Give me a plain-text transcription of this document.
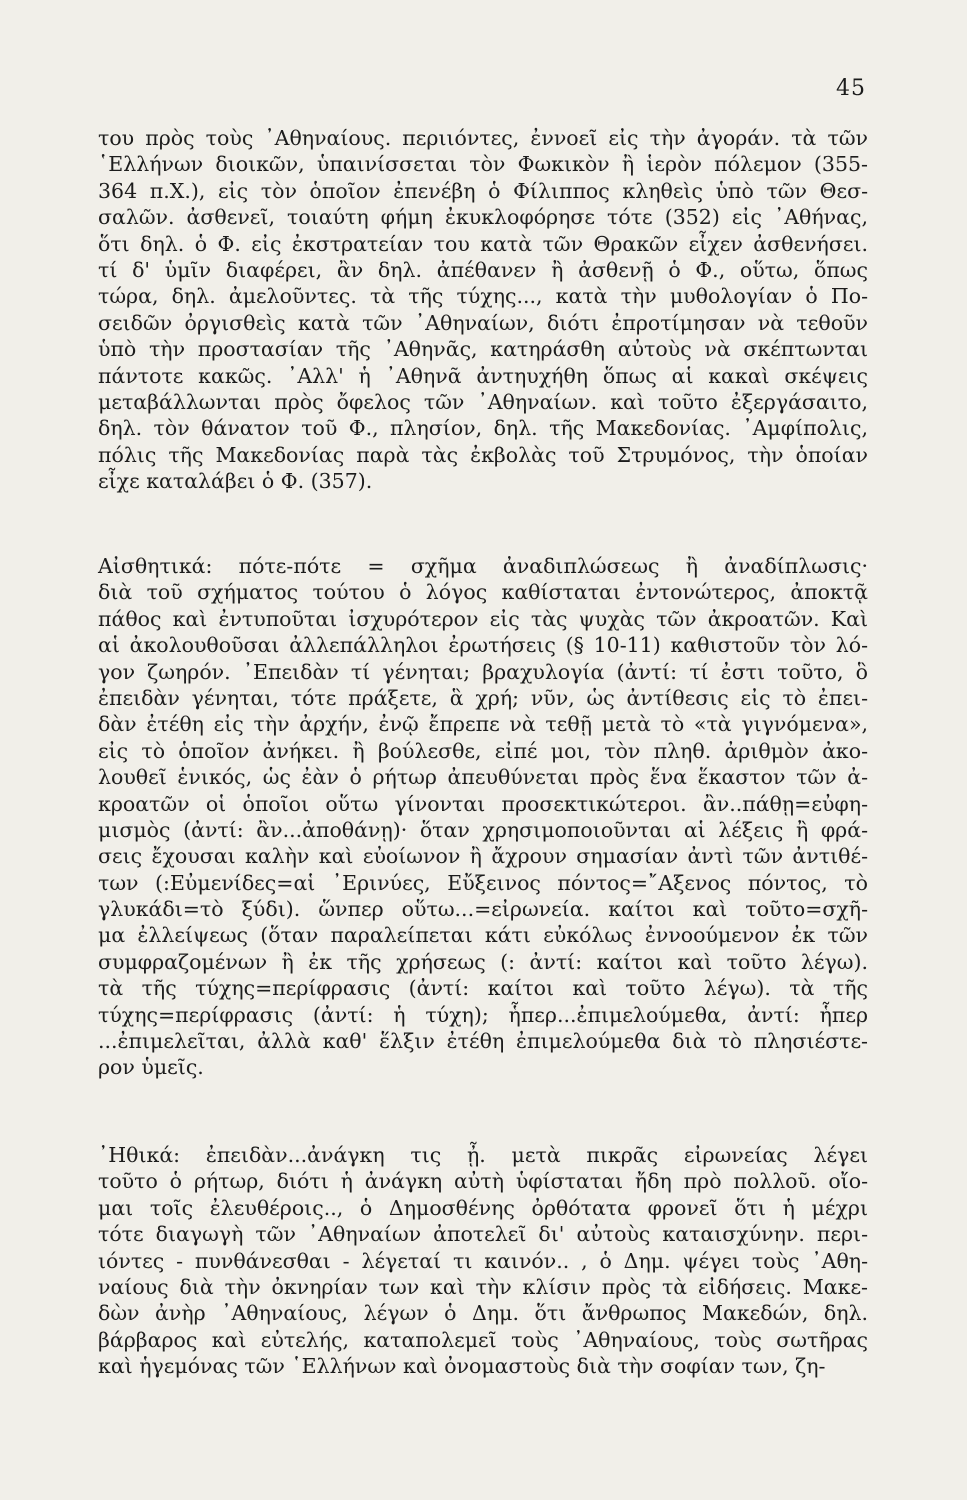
45
του πρὸς τοὺς ᾿Αθηναίους. περιιόντες, ἐννοεῖ εἰς τὴν ἀγοράν. τὰ τῶν
῾Ελλήνων διοικῶν, ὑπαινίσσεται τὸν Φωκικὸν ἢ ἱερὸν πόλεμον (355-
364 π.Χ.), εἰς τὸν ὁποῖον ἐπενέβη ὁ Φίλιππος κληθεὶς ὑπὸ τῶν Θεσ-
σαλῶν. ἀσθενεῖ, τοιαύτη φήμη ἐκυκλοφόρησε τότε (352) εἰς ᾿Αθήνας,
ὅτι δηλ. ὁ Φ. εἰς ἐκστρατείαν του κατὰ τῶν Θρακῶν εἶχεν ἀσθενήσει.
τί δ' ὑμῖν διαφέρει, ἂν δηλ. ἀπέθανεν ἢ ἀσθενῇ ὁ Φ., οὕτω, ὅπως
τώρα, δηλ. ἀμελοῦντες. τὰ τῆς τύχης..., κατὰ τὴν μυθολογίαν ὁ Πο-
σειδῶν ὀργισθεὶς κατὰ τῶν ᾿Αθηναίων, διότι ἐπροτίμησαν νὰ τεθοῦν
ὑπὸ τὴν προστασίαν τῆς ᾿Αθηνᾶς, κατηράσθη αὐτοὺς νὰ σκέπτωνται
πάντοτε κακῶς. ᾿Αλλ' ἡ ᾿Αθηνᾶ ἀντηυχήθη ὅπως αἱ κακαὶ σκέψεις
μεταβάλλωνται πρὸς ὄφελος τῶν ᾿Αθηναίων. καὶ τοῦτο ἐξεργάσαιτο,
δηλ. τὸν θάνατον τοῦ Φ., πλησίον, δηλ. τῆς Μακεδονίας. ᾿Αμφίπολις,
πόλις τῆς Μακεδονίας παρὰ τὰς ἐκβολὰς τοῦ Στρυμόνος, τὴν ὁποίαν
εἶχε καταλάβει ὁ Φ. (357).
Αἰσθητικά: πότε-πότε = σχῆμα ἀναδιπλώσεως ἢ ἀναδίπλωσις·
διὰ τοῦ σχήματος τούτου ὁ λόγος καθίσταται ἐντονώτερος, ἀποκτᾷ
πάθος καὶ ἐντυποῦται ἰσχυρότερον εἰς τὰς ψυχὰς τῶν ἀκροατῶν. Καὶ
αἱ ἀκολουθοῦσαι ἀλλεπάλληλοι ἐρωτήσεις (§ 10-11) καθιστοῦν τὸν λό-
γον ζωηρόν. ᾿Επειδὰν τί γένηται; βραχυλογία (ἀντί: τί ἐστι τοῦτο, ὃ
ἐπειδὰν γένηται, τότε πράξετε, ἃ χρή; νῦν, ὡς ἀντίθεσις εἰς τὸ ἐπει-
δὰν ἐτέθη εἰς τὴν ἀρχήν, ἐνῷ ἔπρεπε νὰ τεθῇ μετὰ τὸ «τὰ γιγνόμενα»,
εἰς τὸ ὁποῖον ἀνήκει. ἢ βούλεσθε, εἰπέ μοι, τὸν πληθ. ἀριθμὸν ἀκο-
λουθεῖ ἑνικός, ὡς ἐὰν ὁ ρήτωρ ἀπευθύνεται πρὸς ἕνα ἕκαστον τῶν ἀ-
κροατῶν οἱ ὁποῖοι οὕτω γίνονται προσεκτικώτεροι. ἂν..πάθῃ=εὐφη-
μισμὸς (ἀντί: ἂν...ἀποθάνῃ)· ὅταν χρησιμοποιοῦνται αἱ λέξεις ἢ φρά-
σεις ἔχουσαι καλὴν καὶ εὐοίωνον ἢ ἄχρουν σημασίαν ἀντὶ τῶν ἀντιθέ-
των (:Εὐμενίδες=αἱ ᾿Ερινύες, Εὔξεινος πόντος=῎Αξενος πόντος, τὸ
γλυκάδι=τὸ ξύδι). ὥνπερ οὕτω...=εἰρωνεία. καίτοι καὶ τοῦτο=σχῆ-
μα ἐλλείψεως (ὅταν παραλείπεται κάτι εὐκόλως ἐννοούμενον ἐκ τῶν
συμφραζομένων ἢ ἐκ τῆς χρήσεως (: ἀντί: καίτοι καὶ τοῦτο λέγω).
τὰ τῆς τύχης=περίφρασις (ἀντί: καίτοι καὶ τοῦτο λέγω). τὰ τῆς
τύχης=περίφρασις (ἀντί: ἡ τύχη); ἧπερ...ἐπιμελούμεθα, ἀντί: ἧπερ
...ἐπιμελεῖται, ἀλλὰ καθ' ἕλξιν ἐτέθη ἐπιμελούμεθα διὰ τὸ πλησιέστε-
ρον ὑμεῖς.
᾿Ηθικά: ἐπειδὰν...ἀνάγκη τις ᾖ. μετὰ πικρᾶς εἰρωνείας λέγει
τοῦτο ὁ ρήτωρ, διότι ἡ ἀνάγκη αὐτὴ ὑφίσταται ἤδη πρὸ πολλοῦ. οἴο-
μαι τοῖς ἐλευθέροις.., ὁ Δημοσθένης ὀρθότατα φρονεῖ ὅτι ἡ μέχρι
τότε διαγωγὴ τῶν ᾿Αθηναίων ἀποτελεῖ δι' αὐτοὺς καταισχύνην. περι-
ιόντες - πυνθάνεσθαι - λέγεταί τι καινόν.. , ὁ Δημ. ψέγει τοὺς ᾿Αθη-
ναίους διὰ τὴν ὀκνηρίαν των καὶ τὴν κλίσιν πρὸς τὰ εἰδήσεις. Μακε-
δὼν ἀνὴρ ᾿Αθηναίους, λέγων ὁ Δημ. ὅτι ἄνθρωπος Μακεδών, δηλ.
βάρβαρος καὶ εὐτελής, καταπολεμεῖ τοὺς ᾿Αθηναίους, τοὺς σωτῆρας
καὶ ἡγεμόνας τῶν ῾Ελλήνων καὶ ὀνομαστοὺς διὰ τὴν σοφίαν των, ζη-
